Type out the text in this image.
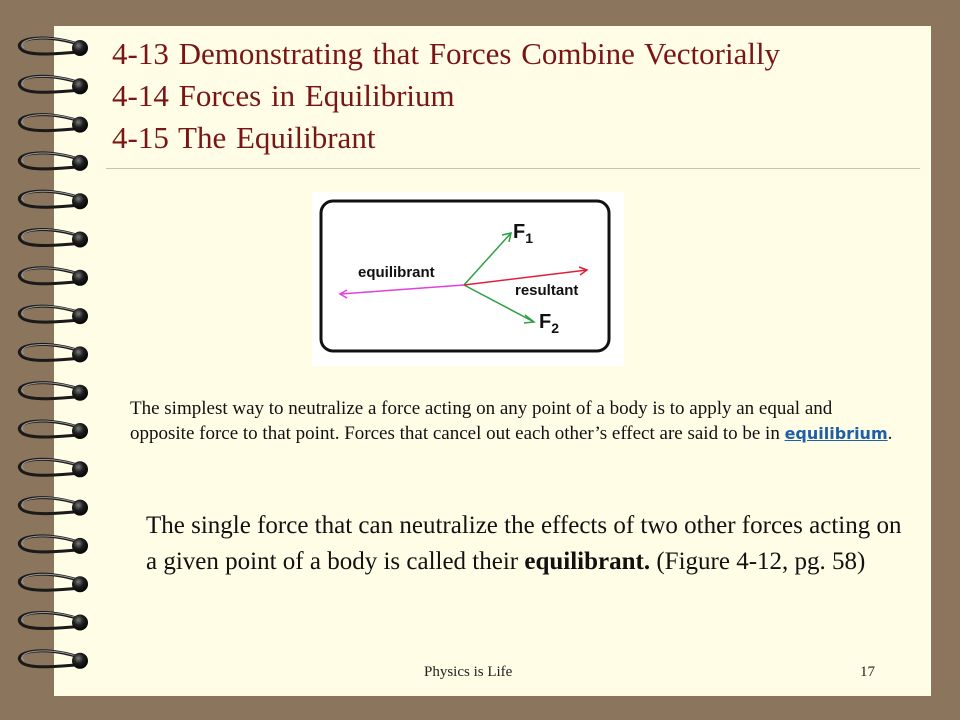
4-13 Demonstrating that Forces Combine Vectorially
4-14 Forces in Equilibrium
4-15 The Equilibrant
$F_1$
$F_2$
equilibrant
resultant
The simplest way to neutralize a force acting on any point of a body is to apply an equal and opposite force to that point. Forces that cancel out each other’s effect are said to be in equilibrium.
The single force that can neutralize the effects of two other forces acting on a given point of a body is called their equilibrant. (Figure 4-12, pg. 58)
Physics is Life	17
